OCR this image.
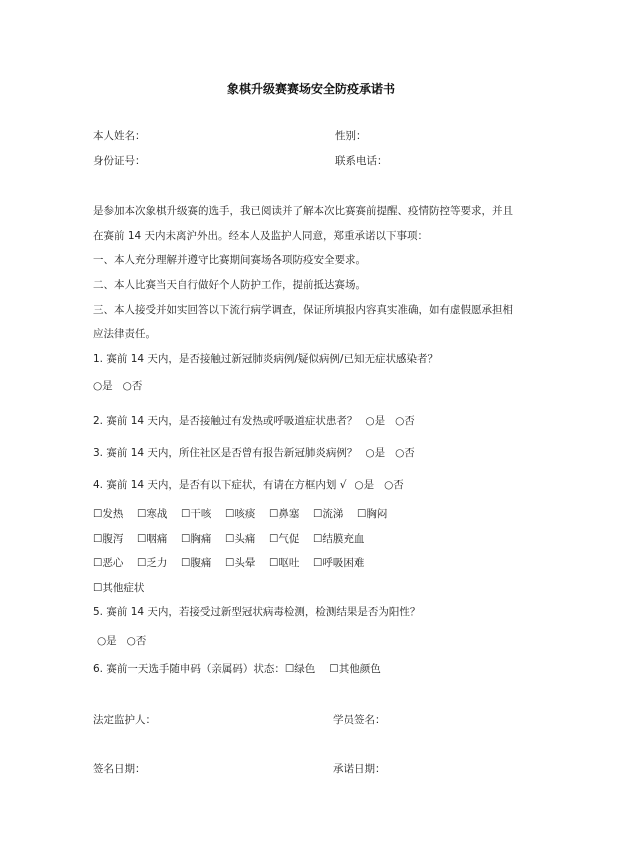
象棋升级赛赛场安全防疫承诺书
本人姓名：	性别：
身份证号：	联系电话：
是参加本次象棋升级赛的选手，我已阅读并了解本次比赛赛前提醒、疫情防控等要求，并且
在赛前 14 天内未离沪外出。经本人及监护人同意，郑重承诺以下事项：
一、本人充分理解并遵守比赛期间赛场各项防疫安全要求。
二、本人比赛当天自行做好个人防护工作，提前抵达赛场。
三、本人接受并如实回答以下流行病学调查，保证所填报内容真实准确，如有虚假愿承担相
应法律责任。
1. 赛前 14 天内，是否接触过新冠肺炎病例/疑似病例/已知无症状感染者？
○是 ○否
2. 赛前 14 天内，是否接触过有发热或呼吸道症状患者？ ○是 ○否
3. 赛前 14 天内，所住社区是否曾有报告新冠肺炎病例？ ○是 ○否
4. 赛前 14 天内，是否有以下症状，有请在方框内划 √ ○是 ○否
☐发热 ☐寒战 ☐干咳 ☐咳痰 ☐鼻塞 ☐流涕 ☐胸闷
☐腹泻 ☐咽痛 ☐胸痛 ☐头痛 ☐气促 ☐结膜充血
☐恶心 ☐乏力 ☐腹痛 ☐头晕 ☐呕吐 ☐呼吸困难
☐其他症状
5. 赛前 14 天内，若接受过新型冠状病毒检测，检测结果是否为阳性？
○是 ○否
6. 赛前一天选手随申码（亲属码）状态：☐绿色 ☐其他颜色
法定监护人：	学员签名：
签名日期：	承诺日期：
